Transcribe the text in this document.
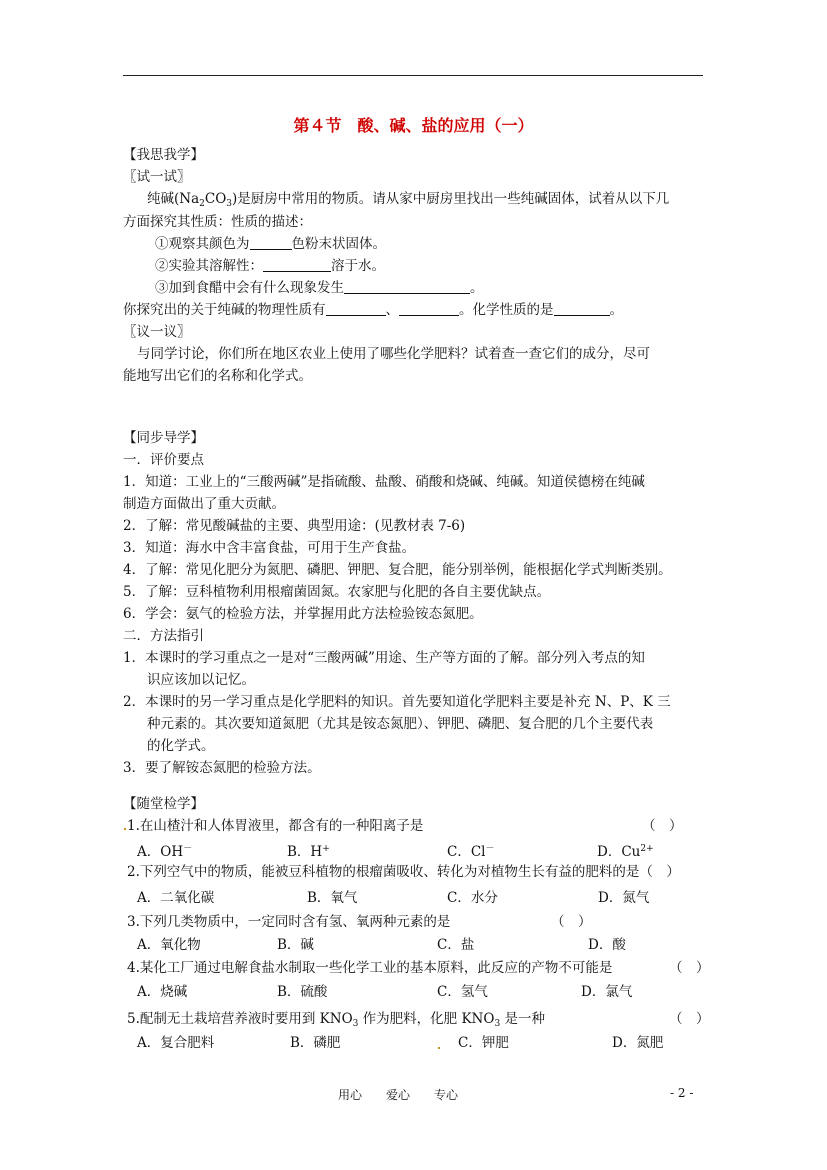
第４节　酸、碱、盐的应用（一）
【我思我学】
〖试一试〗
纯碱$(Na_2CO_3)$是厨房中常用的物质。请从家中厨房里找出一些纯碱固体，试着从以下几
方面探究其性质：性质的描述：
①观察其颜色为	色粉末状固体。
②实验其溶解性：	溶于水。
③加到食醋中会有什么现象发生	。
你探究出的关于纯碱的物理性质有	、	。化学性质的是	。
〖议一议〗
与同学讨论，你们所在地区农业上使用了哪些化学肥料？试着查一查它们的成分，尽可
能地写出它们的名称和化学式。
【同步导学】
一．评价要点
1．知道：工业上的“三酸两碱”是指硫酸、盐酸、硝酸和烧碱、纯碱。知道侯德榜在纯碱
制造方面做出了重大贡献。
2．了解：常见酸碱盐的主要、典型用途：(见教材表 7-6)
3．知道：海水中含丰富食盐，可用于生产食盐。
4．了解：常见化肥分为氮肥、磷肥、钾肥、复合肥，能分别举例，能根据化学式判断类别。
5．了解：豆科植物利用根瘤菌固氮。农家肥与化肥的各自主要优缺点。
6．学会：氨气的检验方法，并掌握用此方法检验铵态氮肥。
二．方法指引
1．本课时的学习重点之一是对“三酸两碱”用途、生产等方面的了解。部分列入考点的知
识应该加以记忆。
2．本课时的另一学习重点是化学肥料的知识。首先要知道化学肥料主要是补充 N、P、K 三
种元素的。其次要知道氮肥（尤其是铵态氮肥）、钾肥、磷肥、复合肥的几个主要代表
的化学式。
3．要了解铵态氮肥的检验方法。
【随堂检学】
1.在山楂汁和人体胃液里，都含有的一种阳离子是	（　）
A．OH－	B．H+	C．Cl－	D．$Cu^{2+}$
2.下列空气中的物质，能被豆科植物的根瘤菌吸收、转化为对植物生长有益的肥料的是（　）
A．二氧化碳	B．氧气	C．水分	D．氮气
3.下列几类物质中，一定同时含有氢、氧两种元素的是	（　）
A．氧化物	B．碱	C．盐	D．酸
4.某化工厂通过电解食盐水制取一些化学工业的基本原料，此反应的产物不可能是	（　）
A．烧碱	B．硫酸	C．氢气	D．氯气
5.配制无土栽培营养液时要用到 $KNO_3$ 作为肥料，化肥 $KNO_3$ 是一种	（　）
A．复合肥料	B．磷肥	C．钾肥	D．氮肥
用心　　爱心　　专心	- 2 -
